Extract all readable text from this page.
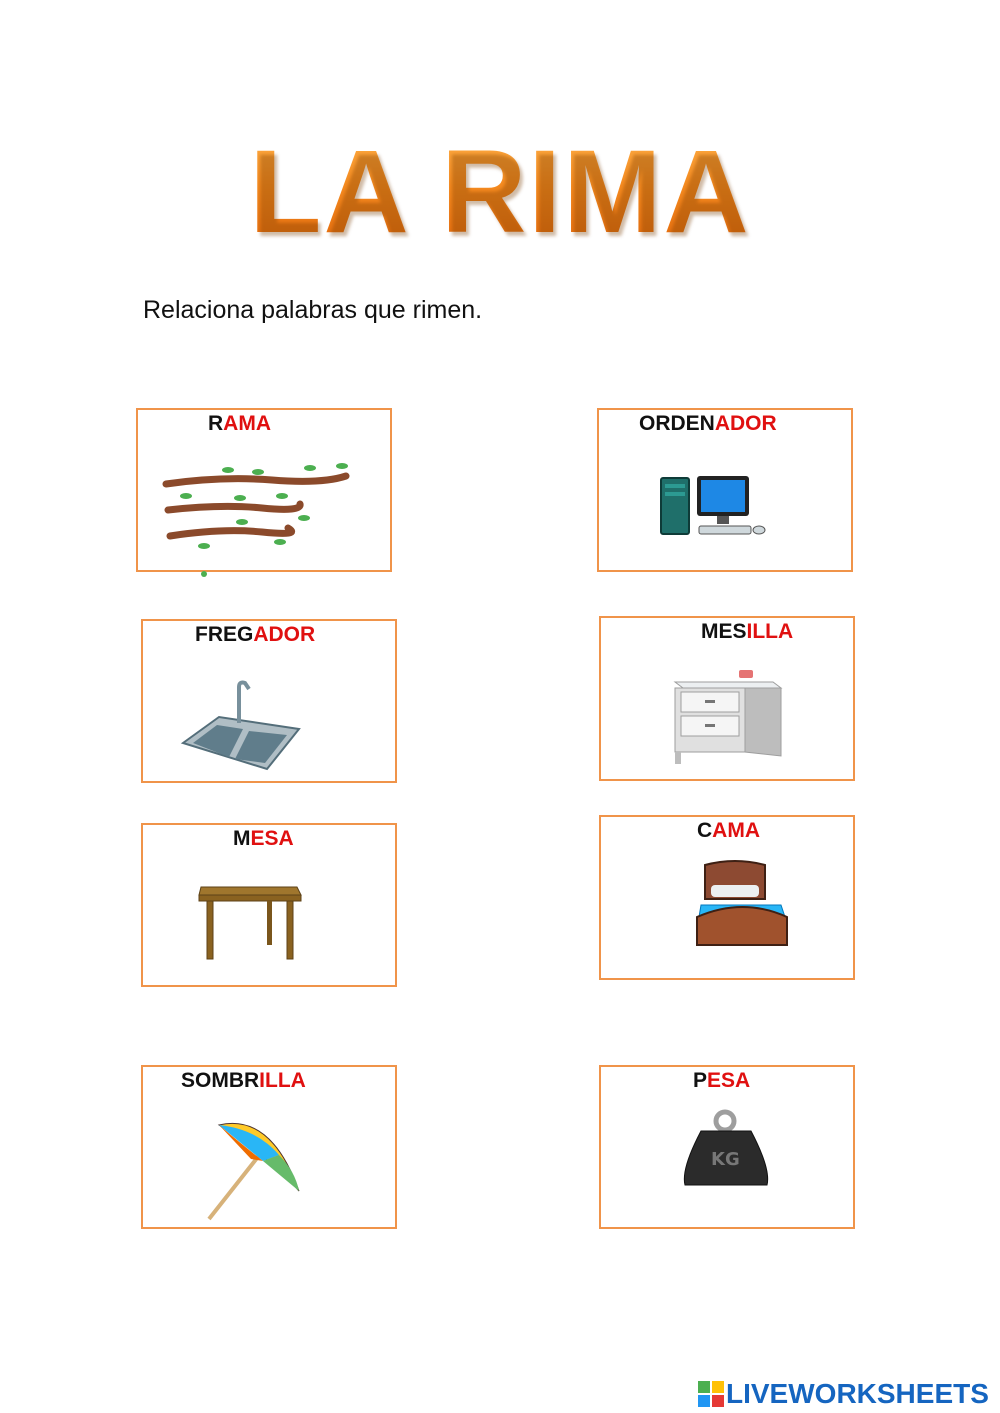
LA RIMA
Relaciona palabras que rimen.
RAMA	ORDENADOR
FREGADOR	MESILLA
MESA	CAMA
SOMBRILLA	PESA
KG
LIVEWORKSHEETS
